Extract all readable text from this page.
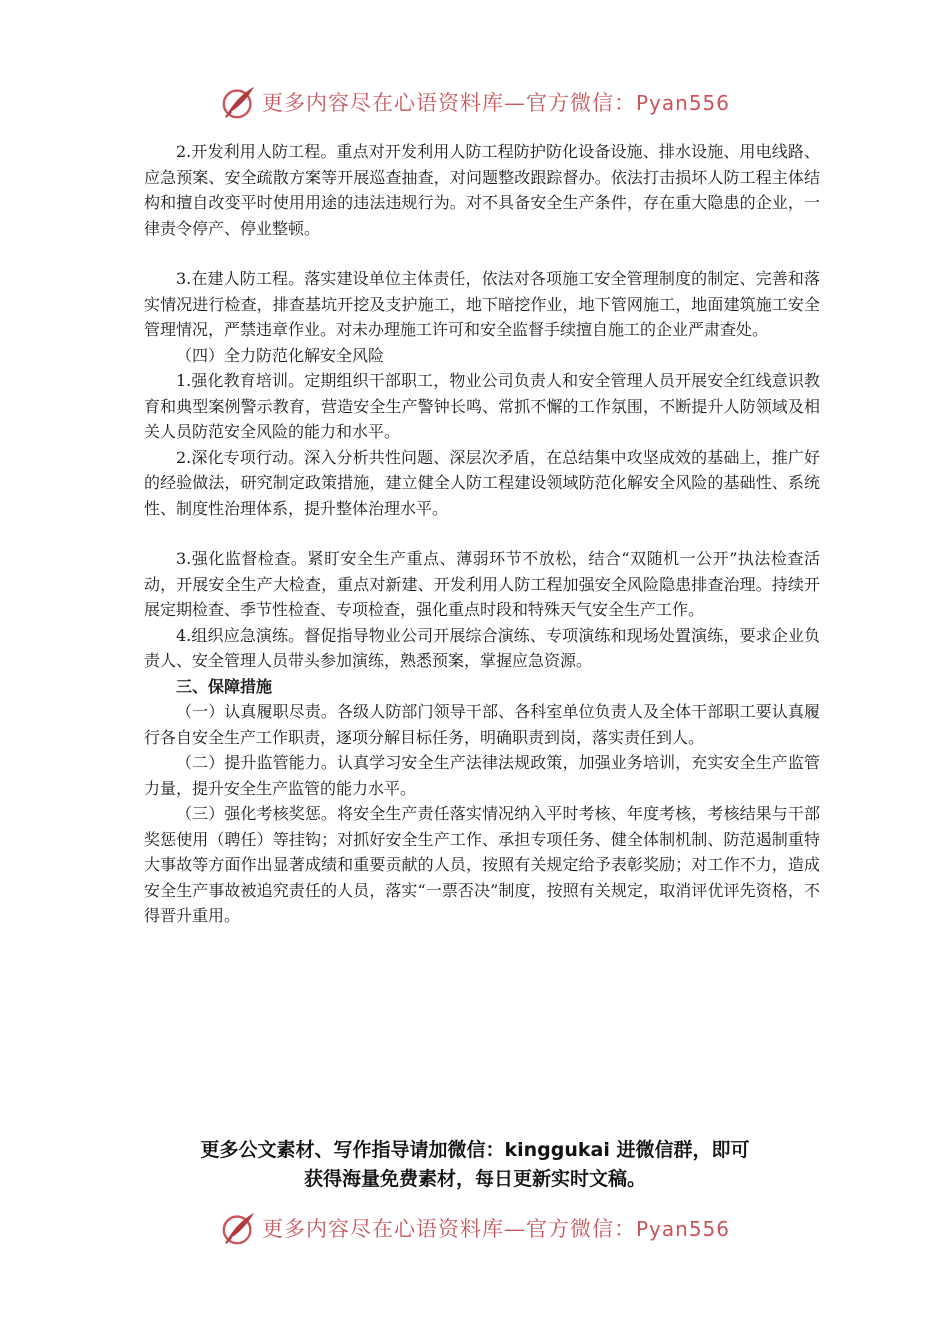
更多内容尽在心语资料库—官方微信：Pyan556

2.开发利用人防工程。重点对开发利用人防工程防护防化设备设施、排水设施、用电线路、应急预案、安全疏散方案等开展巡查抽查，对问题整改跟踪督办。依法打击损坏人防工程主体结构和擅自改变平时使用用途的违法违规行为。对不具备安全生产条件，存在重大隐患的企业，一律责令停产、停业整顿。

3.在建人防工程。落实建设单位主体责任，依法对各项施工安全管理制度的制定、完善和落实情况进行检查，排查基坑开挖及支护施工，地下暗挖作业，地下管网施工，地面建筑施工安全管理情况，严禁违章作业。对未办理施工许可和安全监督手续擅自施工的企业严肃查处。

（四）全力防范化解安全风险

1.强化教育培训。定期组织干部职工，物业公司负责人和安全管理人员开展安全红线意识教育和典型案例警示教育，营造安全生产警钟长鸣、常抓不懈的工作氛围，不断提升人防领域及相关人员防范安全风险的能力和水平。

2.深化专项行动。深入分析共性问题、深层次矛盾，在总结集中攻坚成效的基础上，推广好的经验做法，研究制定政策措施，建立健全人防工程建设领域防范化解安全风险的基础性、系统性、制度性治理体系，提升整体治理水平。

3.强化监督检查。紧盯安全生产重点、薄弱环节不放松，结合“双随机一公开”执法检查活动，开展安全生产大检查，重点对新建、开发利用人防工程加强安全风险隐患排查治理。持续开展定期检查、季节性检查、专项检查，强化重点时段和特殊天气安全生产工作。

4.组织应急演练。督促指导物业公司开展综合演练、专项演练和现场处置演练，要求企业负责人、安全管理人员带头参加演练，熟悉预案，掌握应急资源。

三、保障措施

（一）认真履职尽责。各级人防部门领导干部、各科室单位负责人及全体干部职工要认真履行各自安全生产工作职责，逐项分解目标任务，明确职责到岗，落实责任到人。

（二）提升监管能力。认真学习安全生产法律法规政策，加强业务培训，充实安全生产监管力量，提升安全生产监管的能力水平。

（三）强化考核奖惩。将安全生产责任落实情况纳入平时考核、年度考核，考核结果与干部奖惩使用（聘任）等挂钩；对抓好安全生产工作、承担专项任务、健全体制机制、防范遏制重特大事故等方面作出显著成绩和重要贡献的人员，按照有关规定给予表彰奖励；对工作不力，造成安全生产事故被追究责任的人员，落实“一票否决”制度，按照有关规定，取消评优评先资格，不得晋升重用。

更多公文素材、写作指导请加微信：kinggukai 进微信群，即可
获得海量免费素材，每日更新实时文稿。
更多内容尽在心语资料库—官方微信：Pyan556
